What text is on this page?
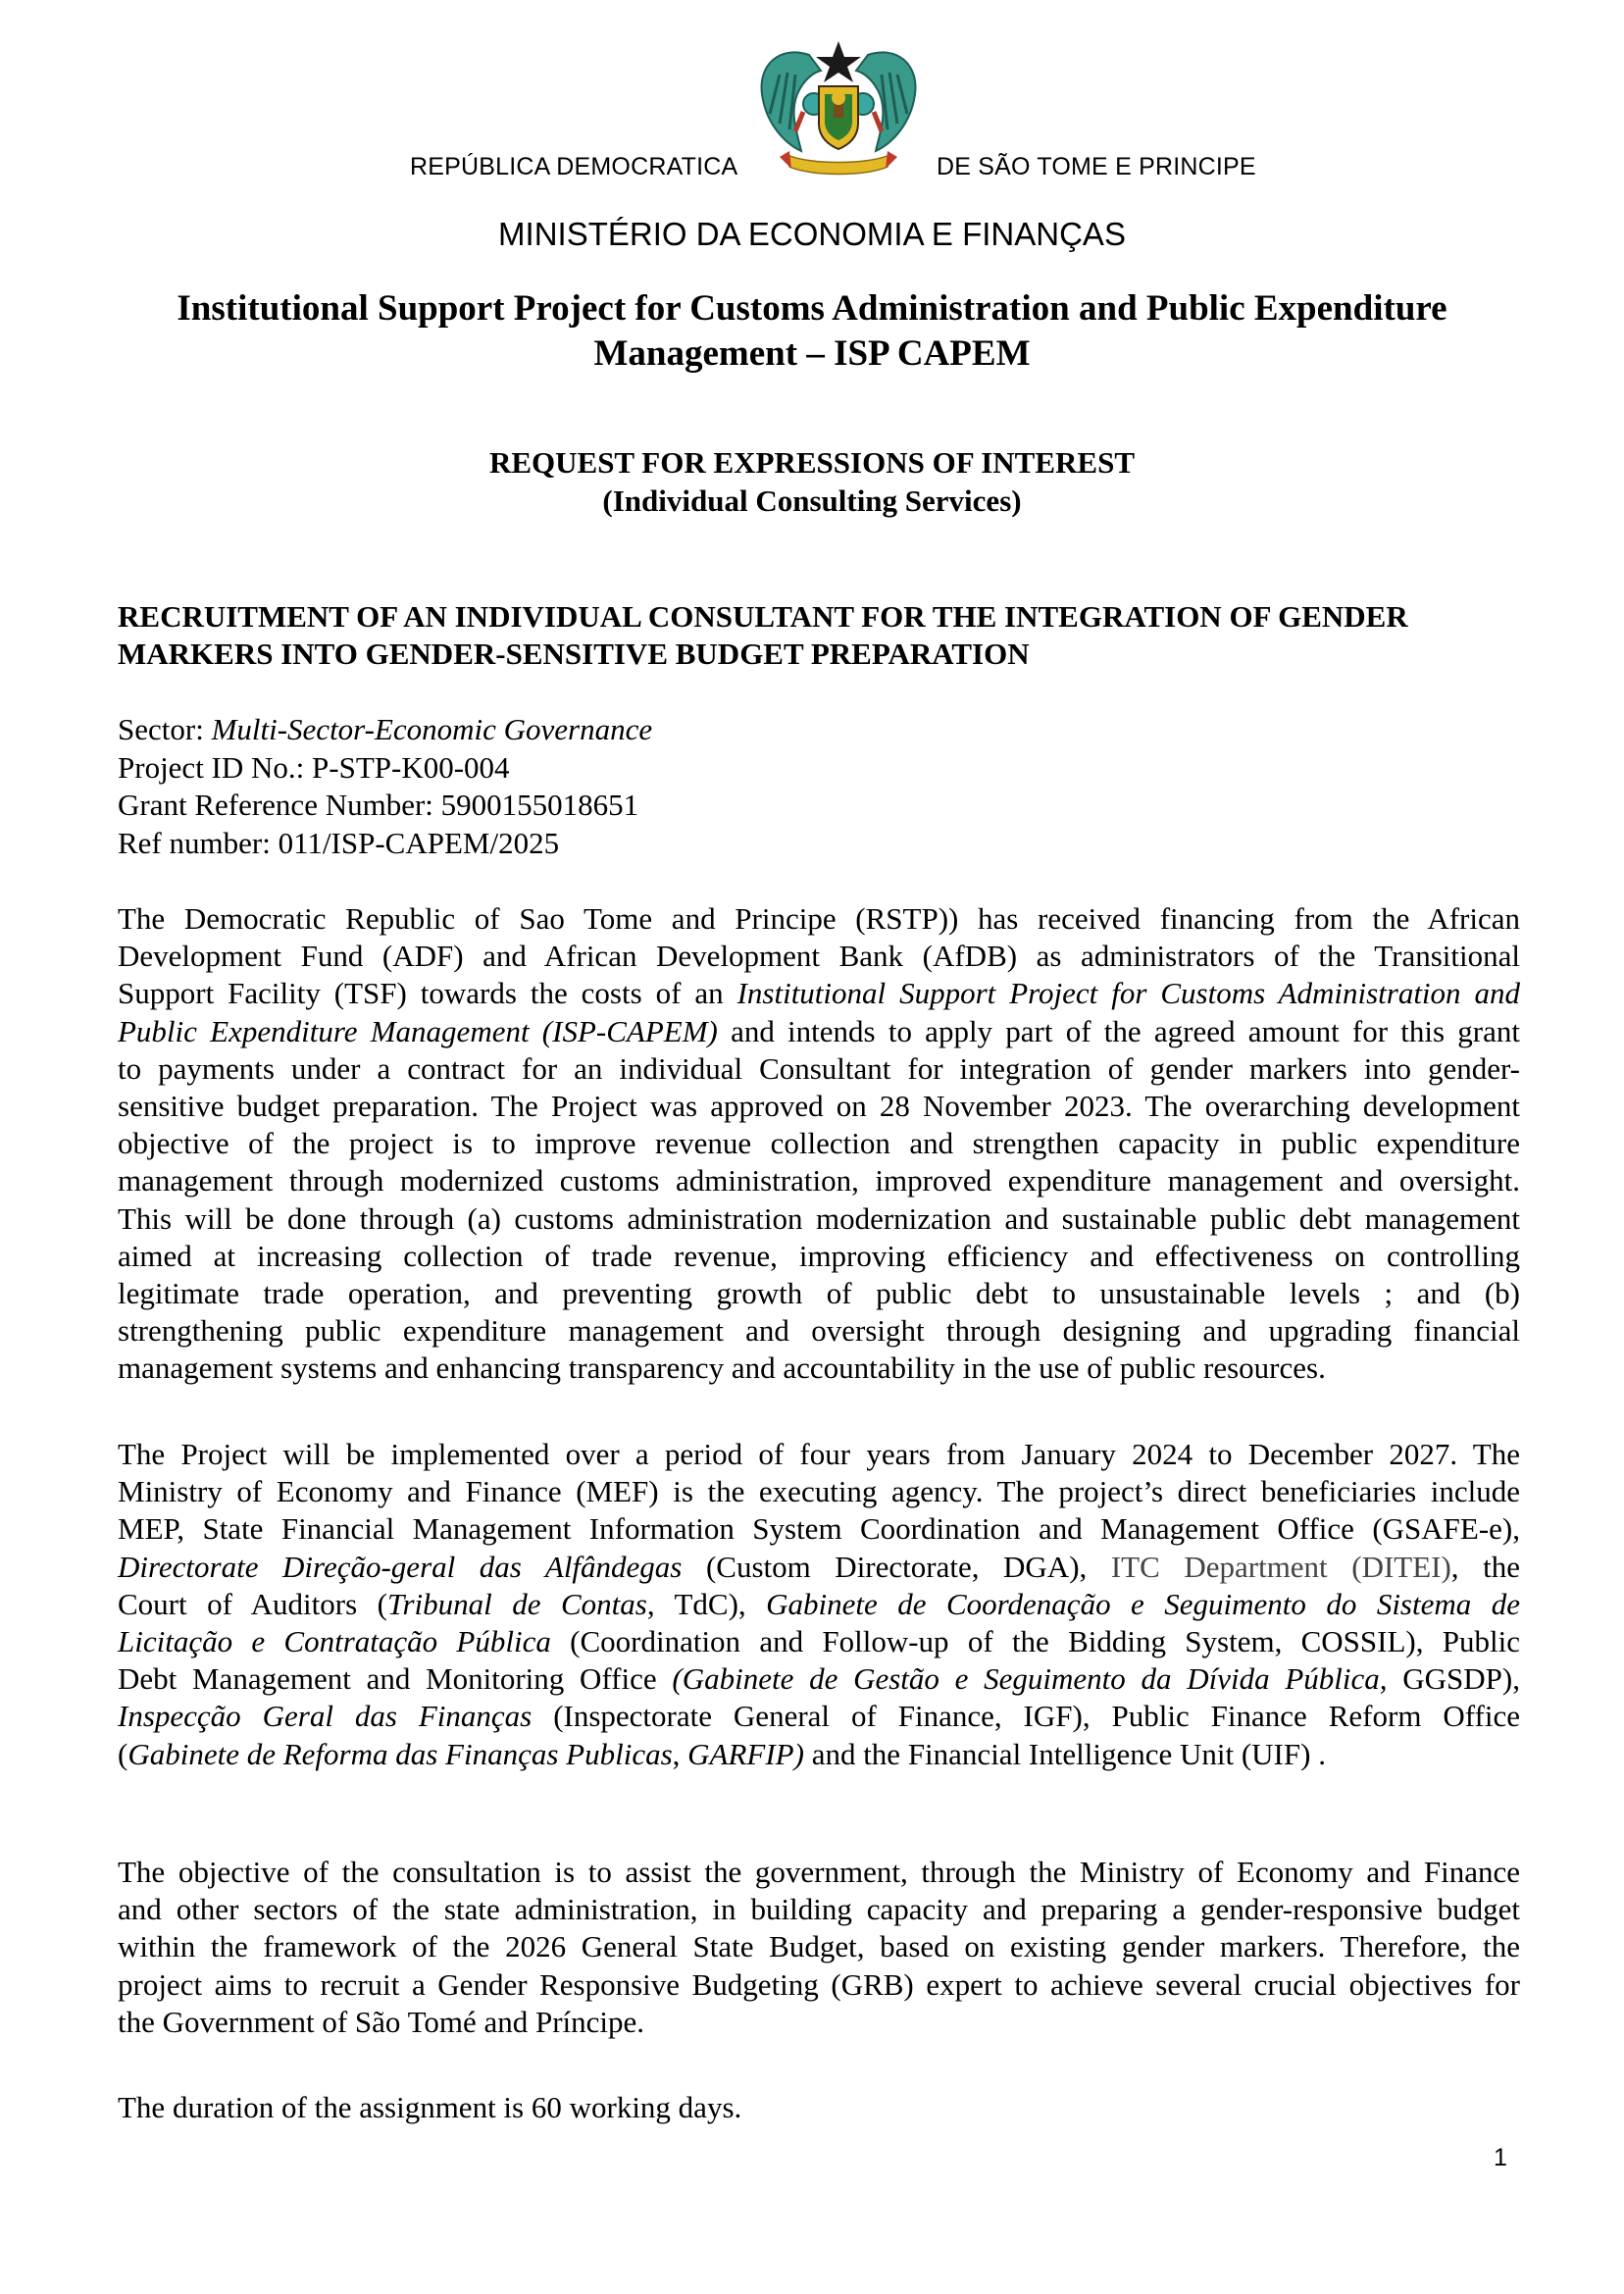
REPÚBLICA DEMOCRATICA	DE SÃO TOME E PRINCIPE
MINISTÉRIO DA ECONOMIA E FINANÇAS
Institutional Support Project for Customs Administration and Public Expenditure
Management – ISP CAPEM
REQUEST FOR EXPRESSIONS OF INTEREST
(Individual Consulting Services)
RECRUITMENT OF AN INDIVIDUAL CONSULTANT FOR THE INTEGRATION OF GENDER
MARKERS INTO GENDER-SENSITIVE BUDGET PREPARATION
Sector: Multi-Sector-Economic Governance
Project ID No.: P-STP-K00-004
Grant Reference Number: 5900155018651
Ref number: 011/ISP-CAPEM/2025
The Democratic Republic of Sao Tome and Principe (RSTP)) has received financing from the African
Development Fund (ADF) and African Development Bank (AfDB) as administrators of the Transitional
Support Facility (TSF) towards the costs of an Institutional Support Project for Customs Administration and
Public Expenditure Management (ISP-CAPEM) and intends to apply part of the agreed amount for this grant
to payments under a contract for an individual Consultant for integration of gender markers into gender-
sensitive budget preparation. The Project was approved on 28 November 2023. The overarching development
objective of the project is to improve revenue collection and strengthen capacity in public expenditure
management through modernized customs administration, improved expenditure management and oversight.
This will be done through (a) customs administration modernization and sustainable public debt management
aimed at increasing collection of trade revenue, improving efficiency and effectiveness on controlling
legitimate trade operation, and preventing growth of public debt to unsustainable levels ; and (b)
strengthening public expenditure management and oversight through designing and upgrading financial
management systems and enhancing transparency and accountability in the use of public resources.
The Project will be implemented over a period of four years from January 2024 to December 2027. The
Ministry of Economy and Finance (MEF) is the executing agency. The project’s direct beneficiaries include
MEP, State Financial Management Information System Coordination and Management Office (GSAFE-e),
Directorate Direção-geral das Alfândegas (Custom Directorate, DGA), ITC Department (DITEI), the
Court of Auditors (Tribunal de Contas, TdC), Gabinete de Coordenação e Seguimento do Sistema de
Licitação e Contratação Pública (Coordination and Follow-up of the Bidding System, COSSIL), Public
Debt Management and Monitoring Office (Gabinete de Gestão e Seguimento da Dívida Pública, GGSDP),
Inspecção Geral das Finanças (Inspectorate General of Finance, IGF), Public Finance Reform Office
(Gabinete de Reforma das Finanças Publicas, GARFIP) and the Financial Intelligence Unit (UIF) .
The objective of the consultation is to assist the government, through the Ministry of Economy and Finance
and other sectors of the state administration, in building capacity and preparing a gender-responsive budget
within the framework of the 2026 General State Budget, based on existing gender markers. Therefore, the
project aims to recruit a Gender Responsive Budgeting (GRB) expert to achieve several crucial objectives for
the Government of São Tomé and Príncipe.
The duration of the assignment is 60 working days.
1
